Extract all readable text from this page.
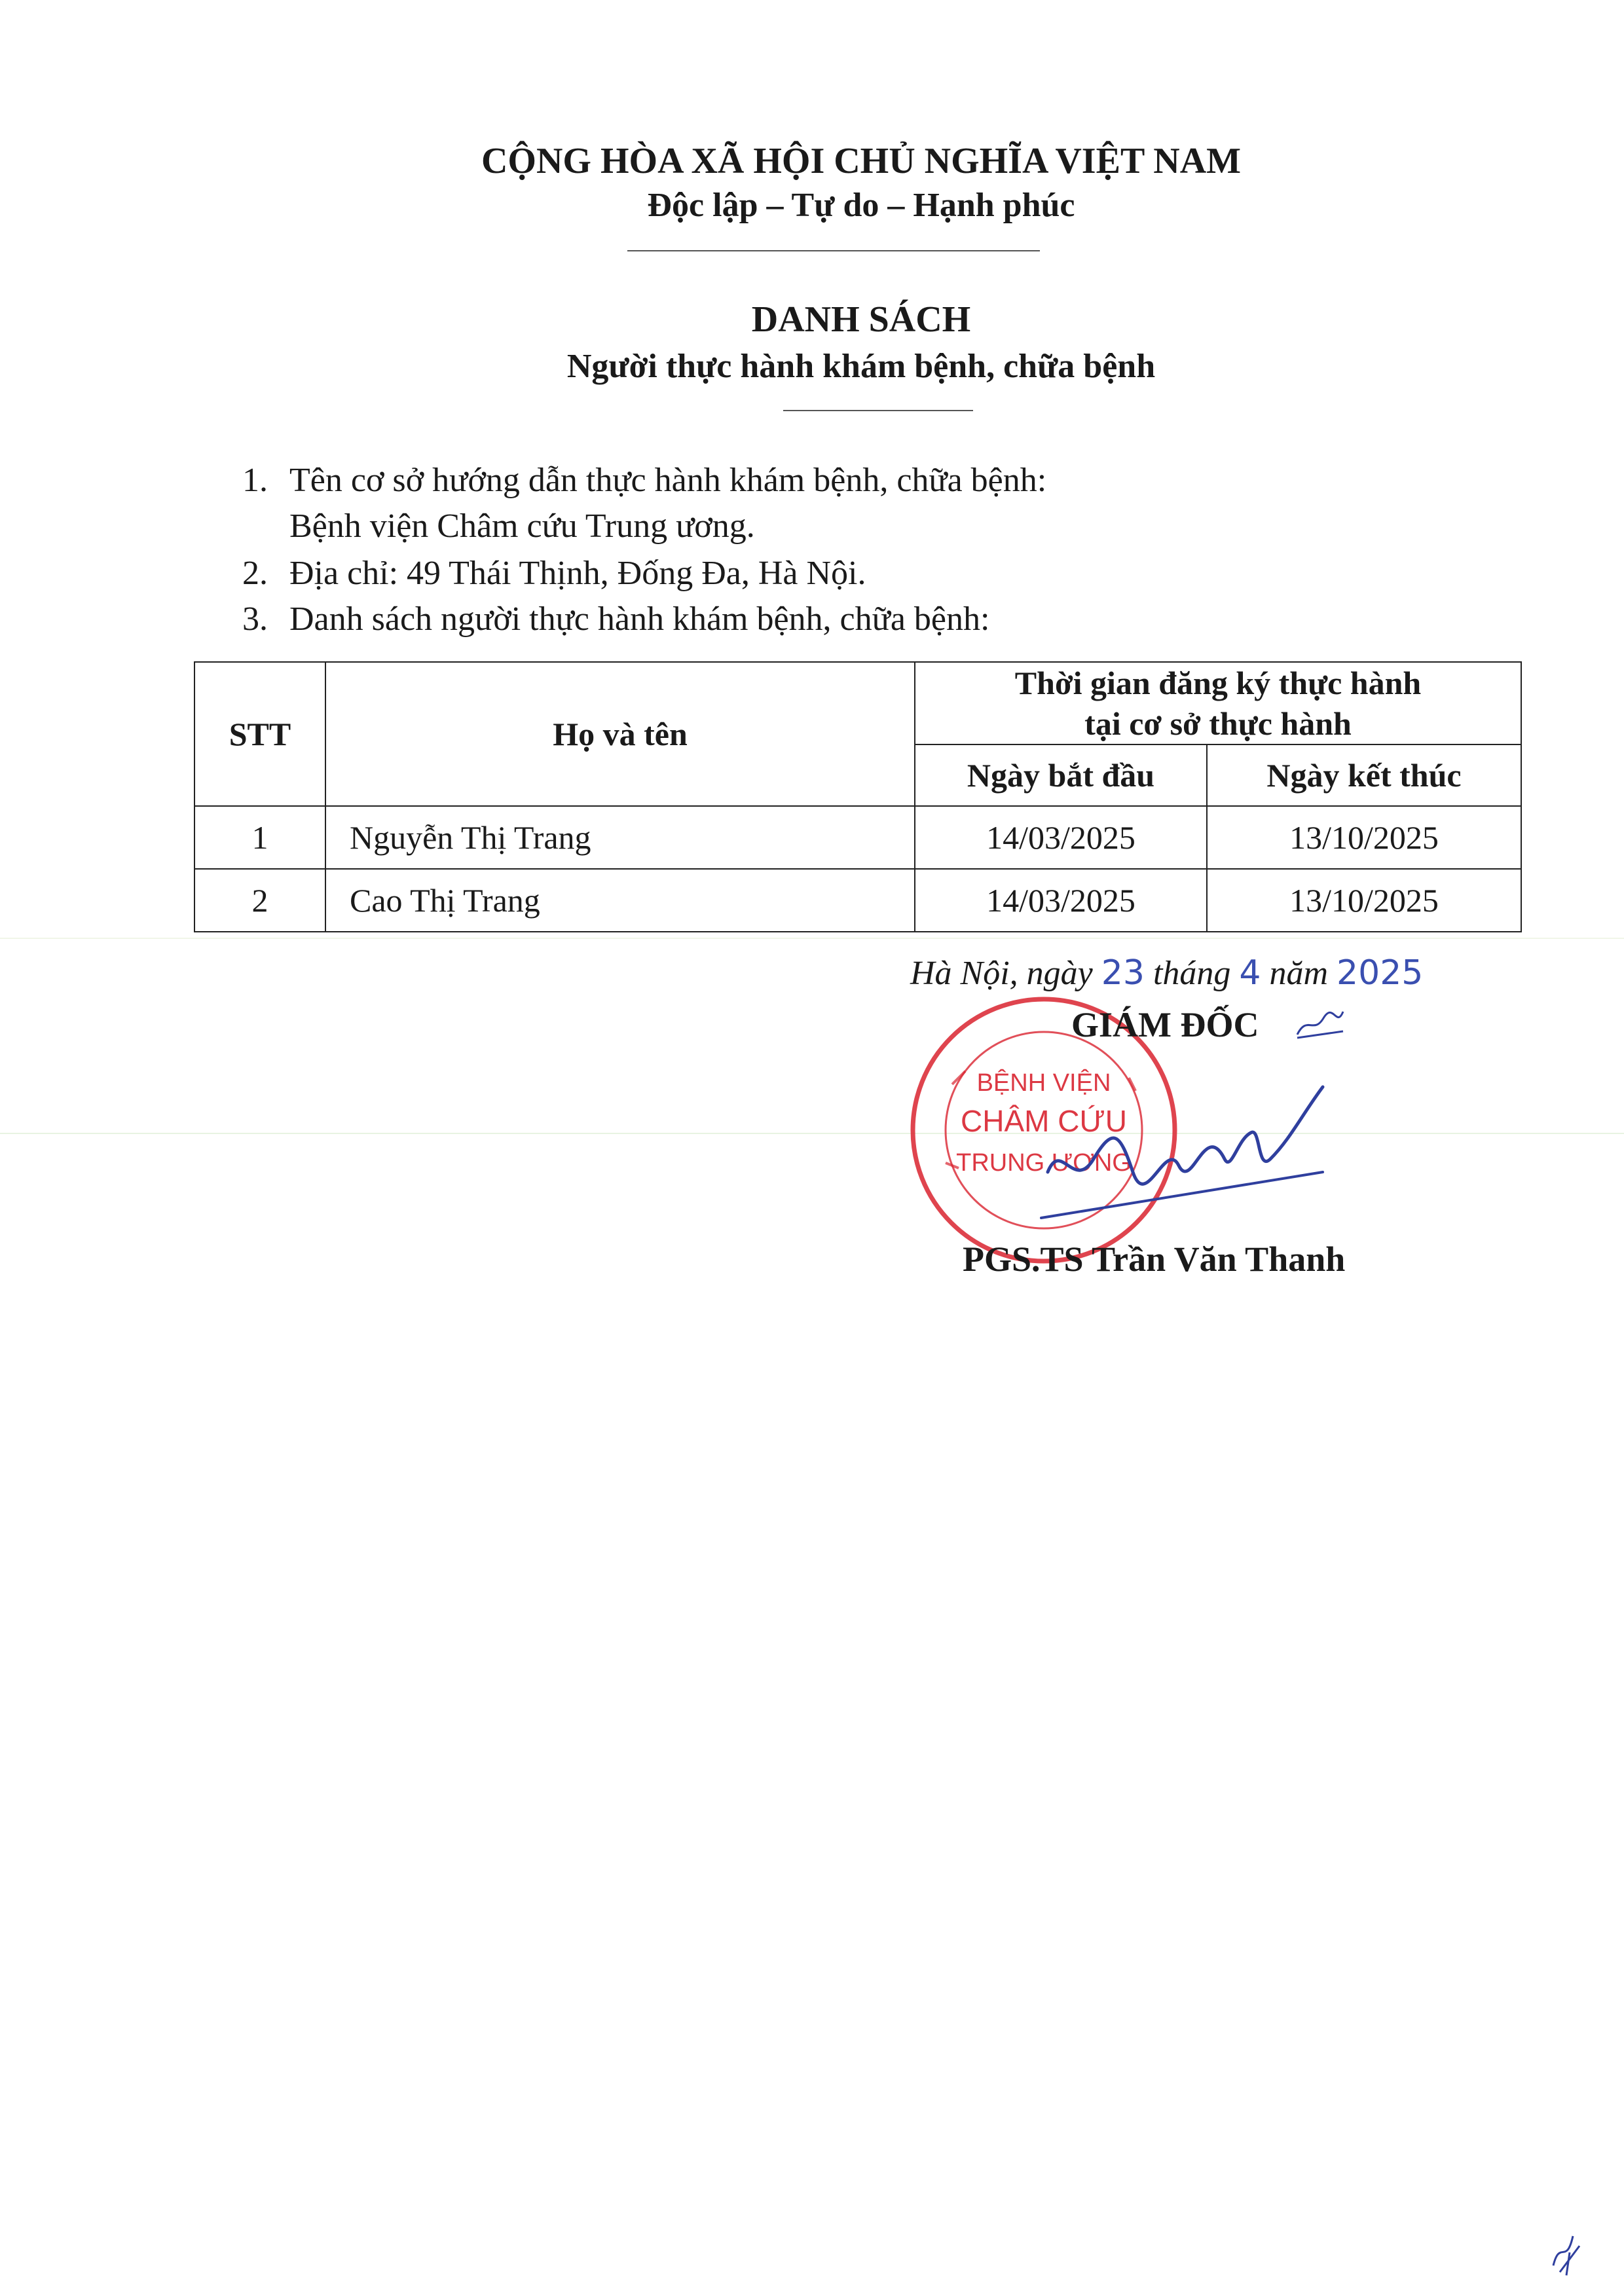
CỘNG HÒA XÃ HỘI CHỦ NGHĨA VIỆT NAM
Độc lập – Tự do – Hạnh phúc
DANH SÁCH
Người thực hành khám bệnh, chữa bệnh
1. Tên cơ sở hướng dẫn thực hành khám bệnh, chữa bệnh:
Bệnh viện Châm cứu Trung ương.
2. Địa chỉ: 49 Thái Thịnh, Đống Đa, Hà Nội.
3. Danh sách người thực hành khám bệnh, chữa bệnh:
STT	Họ và tên	Thời gian đăng ký thực hành
tại cơ sở thực hành	

		Ngày bắt đầu	Ngày kết thúc
1	Nguyễn Thị Trang	14/03/2025	13/10/2025
2	Cao Thị Trang	14/03/2025	13/10/2025
Hà Nội, ngày 23 tháng 4 năm 2025
BỆNH VIỆN
CHÂM CỨU
TRUNG ƯƠNG
GIÁM ĐỐC
PGS.TS Trần Văn Thanh
